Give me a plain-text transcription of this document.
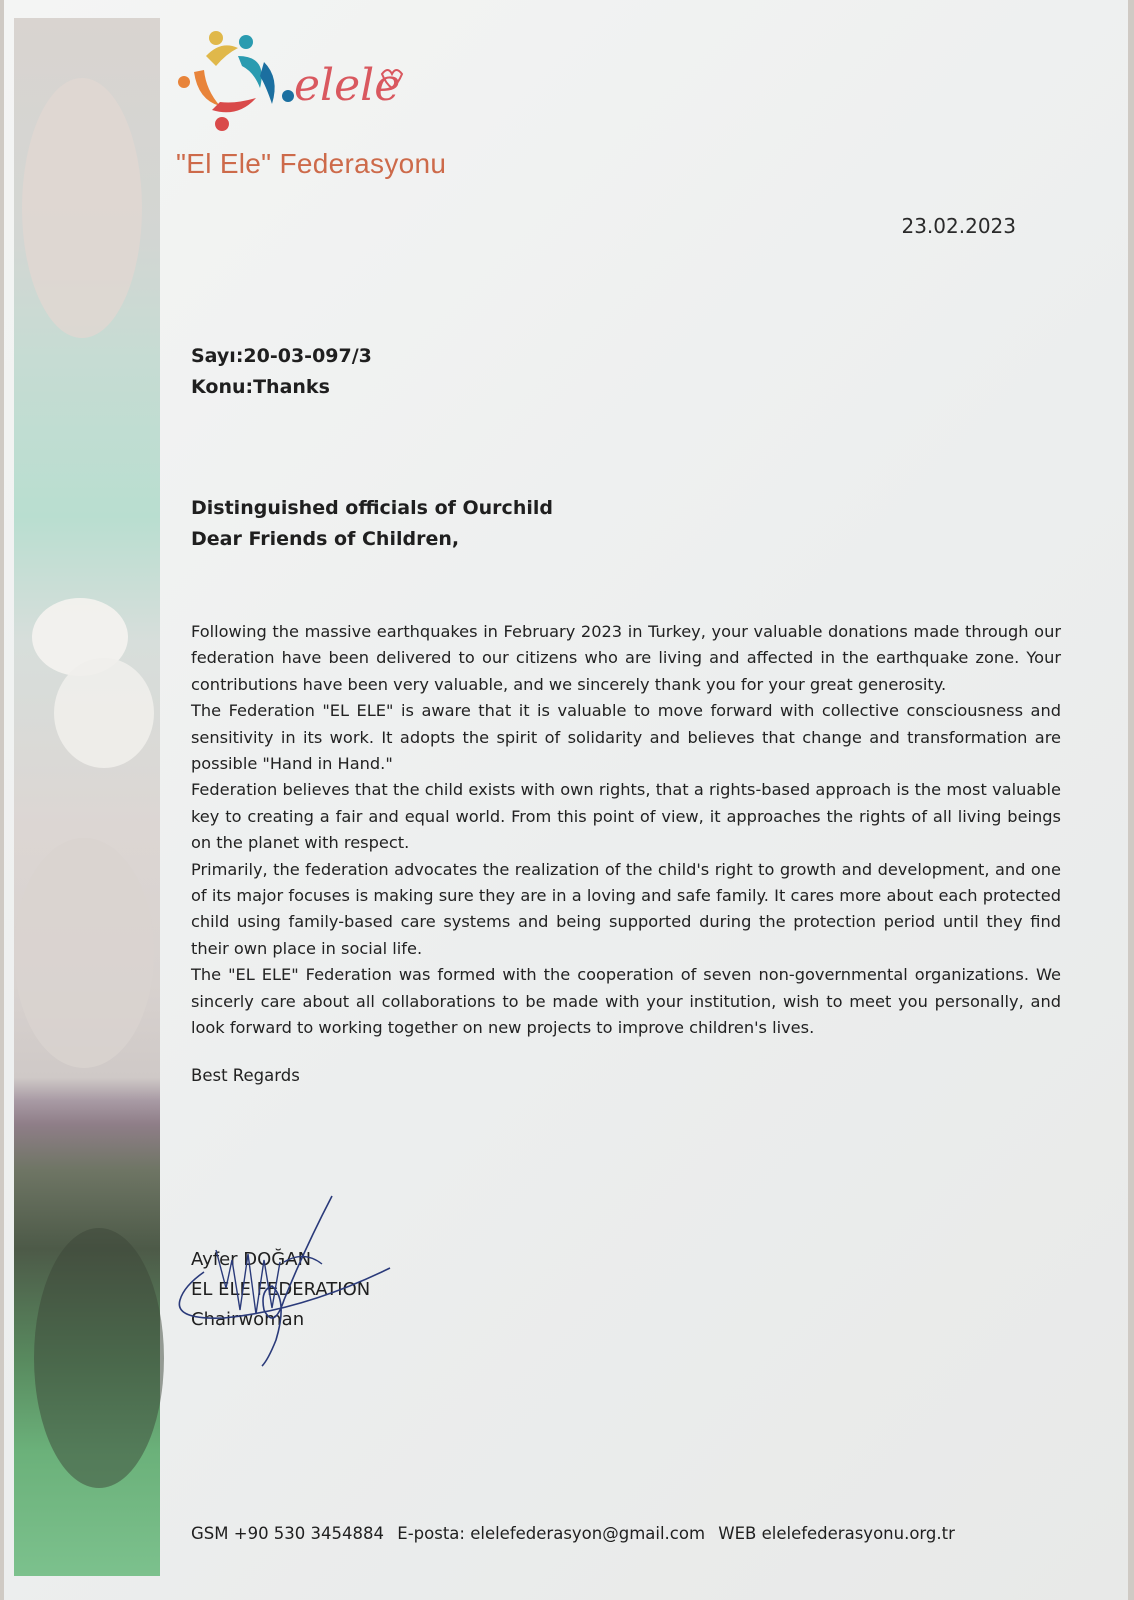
elele
"El Ele" Federasyonu
23.02.2023
Sayı:20-03-097/3
Konu:Thanks
Distinguished officials of Ourchild
Dear Friends of Children,

Following the massive earthquakes in February 2023 in Turkey, your valuable donations made through our federation have been delivered to our citizens who are living and affected in the earthquake zone. Your contributions have been very valuable, and we sincerely thank you for your great generosity.

The Federation "EL ELE" is aware that it is valuable to move forward with collective consciousness and sensitivity in its work. It adopts the spirit of solidarity and believes that change and transformation are possible "Hand in Hand."

Federation believes that the child exists with own rights, that a rights-based approach is the most valuable key to creating a fair and equal world. From this point of view, it approaches the rights of all living beings on the planet with respect.

Primarily, the federation advocates the realization of the child's right to growth and development, and one of its major focuses is making sure they are in a loving and safe family. It cares more about each protected child using family-based care systems and being supported during the protection period until they find their own place in social life.

The "EL ELE" Federation was formed with the cooperation of seven non-governmental organizations. We sincerly care about all collaborations to be made with your institution, wish to meet you personally, and look forward to working together on new projects to improve children's lives.

Best Regards
Ayfer DOĞAN
EL ELE FEDERATION
Chairwoman
GSM +90 530 3454884 E-posta: elelefederasyon@gmail.com WEB elelefederasyonu.org.tr
